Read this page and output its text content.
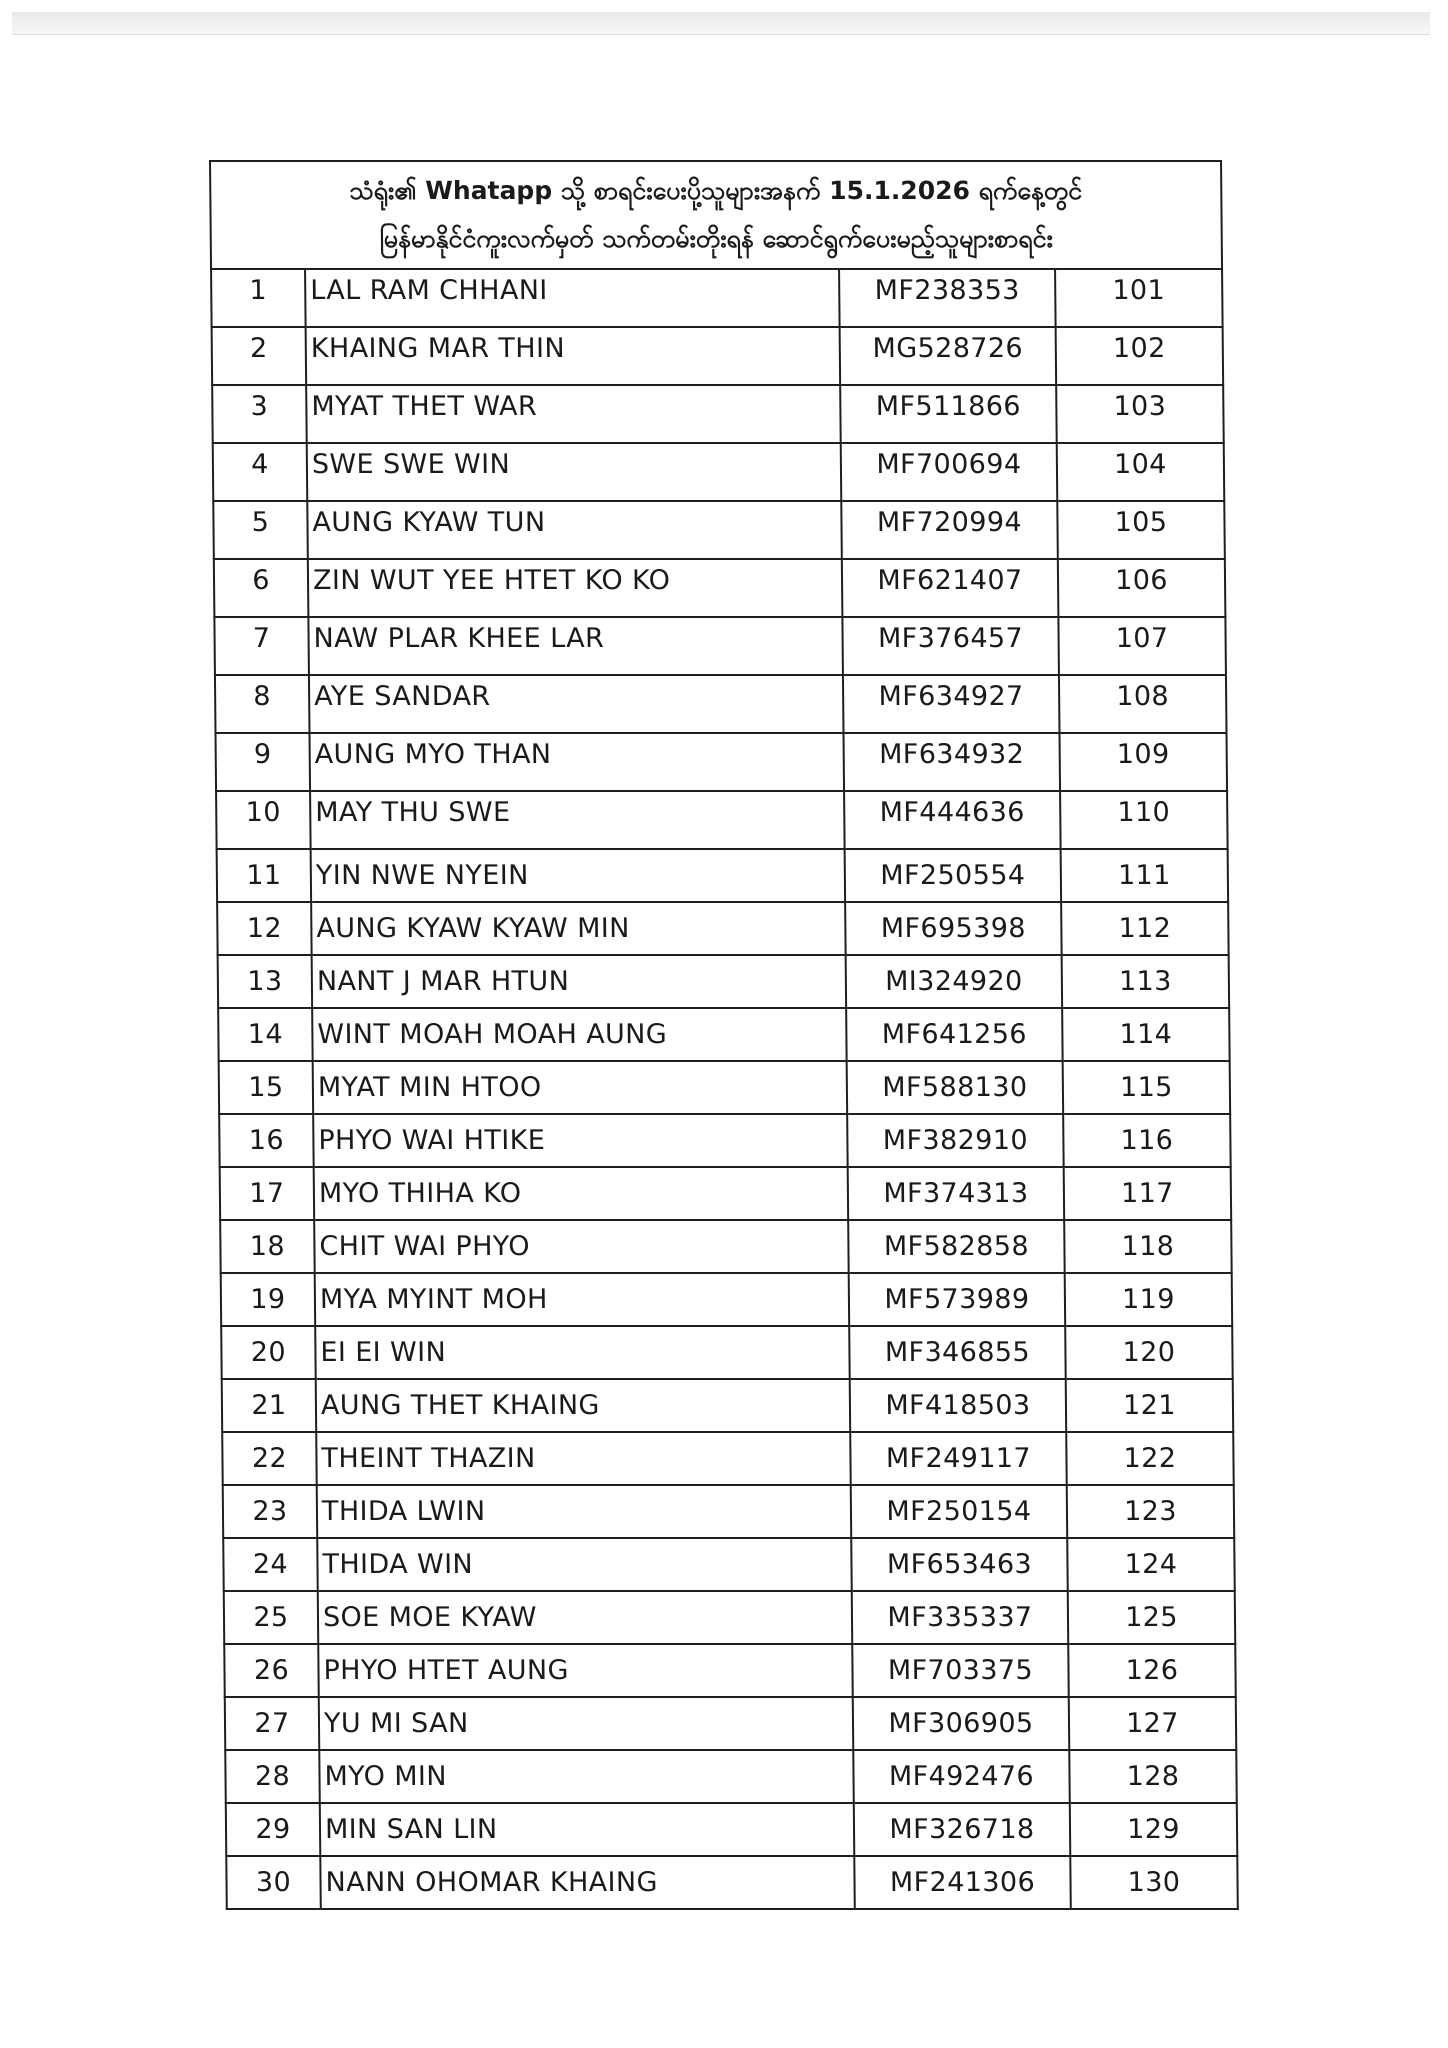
သံရုံး၏ Whatapp သို့ စာရင်းပေးပို့သူများအနက် 15.1.2026 ရက်နေ့တွင်
မြန်မာနိုင်ငံကူးလက်မှတ် သက်တမ်းတိုးရန် ဆောင်ရွက်ပေးမည့်သူများစာရင်း			

1	LAL RAM CHHANI	MF238353	101
2	KHAING MAR THIN	MG528726	102
3	MYAT THET WAR	MF511866	103
4	SWE SWE WIN	MF700694	104
5	AUNG KYAW TUN	MF720994	105
6	ZIN WUT YEE HTET KO KO	MF621407	106
7	NAW PLAR KHEE LAR	MF376457	107
8	AYE SANDAR	MF634927	108
9	AUNG MYO THAN	MF634932	109
10	MAY THU SWE	MF444636	110
11	YIN NWE NYEIN	MF250554	111
12	AUNG KYAW KYAW MIN	MF695398	112
13	NANT J MAR HTUN	MI324920	113
14	WINT MOAH MOAH AUNG	MF641256	114
15	MYAT MIN HTOO	MF588130	115
16	PHYO WAI HTIKE	MF382910	116
17	MYO THIHA KO	MF374313	117
18	CHIT WAI PHYO	MF582858	118
19	MYA MYINT MOH	MF573989	119
20	EI EI WIN	MF346855	120
21	AUNG THET KHAING	MF418503	121
22	THEINT THAZIN	MF249117	122
23	THIDA LWIN	MF250154	123
24	THIDA WIN	MF653463	124
25	SOE MOE KYAW	MF335337	125
26	PHYO HTET AUNG	MF703375	126
27	YU MI SAN	MF306905	127
28	MYO MIN	MF492476	128
29	MIN SAN LIN	MF326718	129
30	NANN OHOMAR KHAING	MF241306	130
